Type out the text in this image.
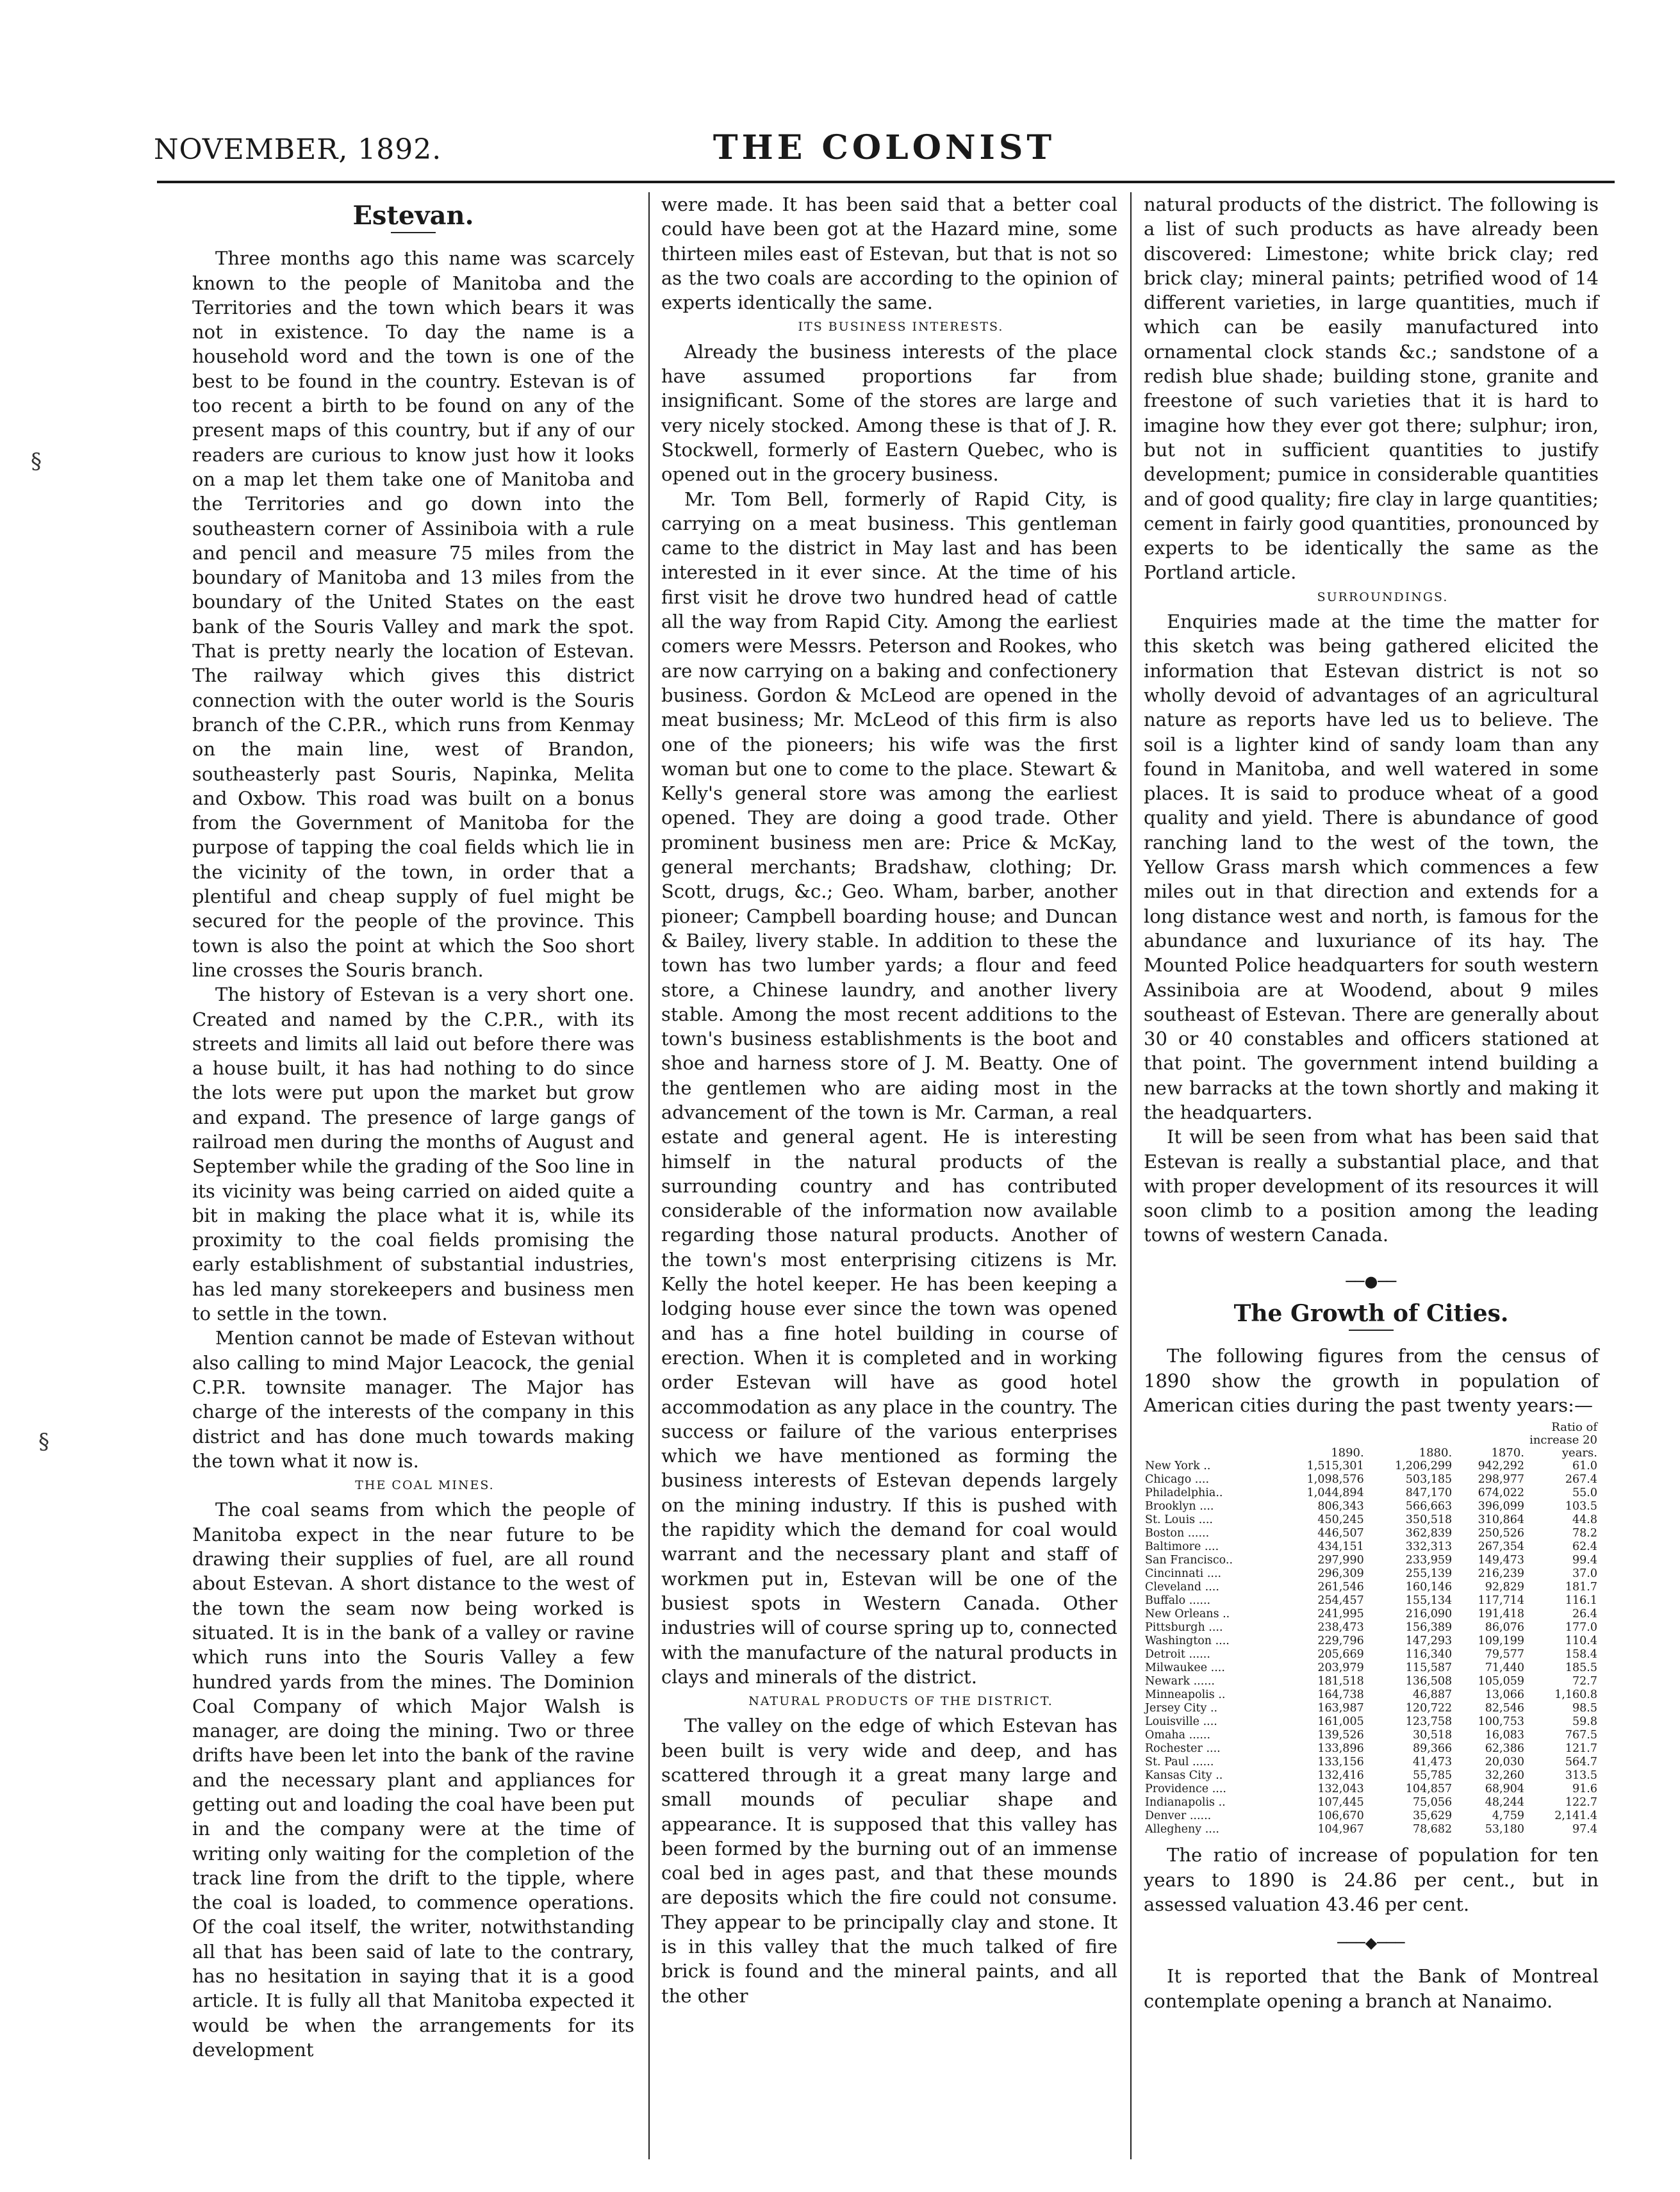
NOVEMBER, 1892.	THE COLONIST
§
§
Estevan.

Three months ago this name was scarcely known to the people of Manitoba and the Territories and the town which bears it was not in existence. To day the name is a household word and the town is one of the best to be found in the country. Estevan is of too recent a birth to be found on any of the present maps of this country, but if any of our readers are curious to know just how it looks on a map let them take one of Manitoba and the Territories and go down into the southeastern corner of Assiniboia with a rule and pencil and measure 75 miles from the boundary of Manitoba and 13 miles from the boundary of the United States on the east bank of the Souris Valley and mark the spot. That is pretty nearly the location of Estevan. The railway which gives this district connection with the outer world is the Souris branch of the C.P.R., which runs from Kenmay on the main line, west of Brandon, southeasterly past Souris, Napinka, Melita and Oxbow. This road was built on a bonus from the Government of Manitoba for the purpose of tapping the coal fields which lie in the vicinity of the town, in order that a plentiful and cheap supply of fuel might be secured for the people of the province. This town is also the point at which the Soo short line crosses the Souris branch.

The history of Estevan is a very short one. Created and named by the C.P.R., with its streets and limits all laid out before there was a house built, it has had nothing to do since the lots were put upon the market but grow and expand. The presence of large gangs of railroad men during the months of August and September while the grading of the Soo line in its vicinity was being carried on aided quite a bit in making the place what it is, while its proximity to the coal fields promising the early establishment of substantial industries, has led many storekeepers and business men to settle in the town.

Mention cannot be made of Estevan without also calling to mind Major Leacock, the genial C.P.R. townsite manager. The Major has charge of the interests of the company in this district and has done much towards making the town what it now is.

THE COAL MINES.

The coal seams from which the people of Manitoba expect in the near future to be drawing their supplies of fuel, are all round about Estevan. A short distance to the west of the town the seam now being worked is situated. It is in the bank of a valley or ravine which runs into the Souris Valley a few hundred yards from the mines. The Dominion Coal Company of which Major Walsh is manager, are doing the mining. Two or three drifts have been let into the bank of the ravine and the necessary plant and appliances for getting out and loading the coal have been put in and the company were at the time of writing only waiting for the completion of the track line from the drift to the tipple, where the coal is loaded, to commence operations. Of the coal itself, the writer, notwithstanding all that has been said of late to the contrary, has no hesitation in saying that it is a good article. It is fully all that Manitoba expected it would be when the arrangements for its development

were made. It has been said that a better coal could have been got at the Hazard mine, some thirteen miles east of Estevan, but that is not so as the two coals are according to the opinion of experts identically the same.

ITS BUSINESS INTERESTS.

Already the business interests of the place have assumed proportions far from insignificant. Some of the stores are large and very nicely stocked. Among these is that of J. R. Stockwell, formerly of Eastern Quebec, who is opened out in the grocery business.

Mr. Tom Bell, formerly of Rapid City, is carrying on a meat business. This gentleman came to the district in May last and has been interested in it ever since. At the time of his first visit he drove two hundred head of cattle all the way from Rapid City. Among the earliest comers were Messrs. Peterson and Rookes, who are now carrying on a baking and confectionery business. Gordon & McLeod are opened in the meat business; Mr. McLeod of this firm is also one of the pioneers; his wife was the first woman but one to come to the place. Stewart & Kelly's general store was among the earliest opened. They are doing a good trade. Other prominent business men are: Price & McKay, general merchants; Bradshaw, clothing; Dr. Scott, drugs, &c.; Geo. Wham, barber, another pioneer; Campbell boarding house; and Duncan & Bailey, livery stable. In addition to these the town has two lumber yards; a flour and feed store, a Chinese laundry, and another livery stable. Among the most recent additions to the town's business establishments is the boot and shoe and harness store of J. M. Beatty. One of the gentlemen who are aiding most in the advancement of the town is Mr. Carman, a real estate and general agent. He is interesting himself in the natural products of the surrounding country and has contributed considerable of the information now available regarding those natural products. Another of the town's most enterprising citizens is Mr. Kelly the hotel keeper. He has been keeping a lodging house ever since the town was opened and has a fine hotel building in course of erection. When it is completed and in working order Estevan will have as good hotel accommodation as any place in the country. The success or failure of the various enterprises which we have mentioned as forming the business interests of Estevan depends largely on the mining industry. If this is pushed with the rapidity which the demand for coal would warrant and the necessary plant and staff of workmen put in, Estevan will be one of the busiest spots in Western Canada. Other industries will of course spring up to, connected with the manufacture of the natural products in clays and minerals of the district.

NATURAL PRODUCTS OF THE DISTRICT.

The valley on the edge of which Estevan has been built is very wide and deep, and has scattered through it a great many large and small mounds of peculiar shape and appearance. It is supposed that this valley has been formed by the burning out of an immense coal bed in ages past, and that these mounds are deposits which the fire could not consume. They appear to be principally clay and stone. It is in this valley that the much talked of fire brick is found and the mineral paints, and all the other

natural products of the district. The following is a list of such products as have already been discovered: Limestone; white brick clay; red brick clay; mineral paints; petrified wood of 14 different varieties, in large quantities, much if which can be easily manufactured into ornamental clock stands &c.; sandstone of a redish blue shade; building stone, granite and freestone of such varieties that it is hard to imagine how they ever got there; sulphur; iron, but not in sufficient quantities to justify development; pumice in considerable quantities and of good quality; fire clay in large quantities; cement in fairly good quantities, pronounced by experts to be identically the same as the Portland article.

SURROUNDINGS.

Enquiries made at the time the matter for this sketch was being gathered elicited the information that Estevan district is not so wholly devoid of advantages of an agricultural nature as reports have led us to believe. The soil is a lighter kind of sandy loam than any found in Manitoba, and well watered in some places. It is said to produce wheat of a good quality and yield. There is abundance of good ranching land to the west of the town, the Yellow Grass marsh which commences a few miles out in that direction and extends for a long distance west and north, is famous for the abundance and luxuriance of its hay. The Mounted Police headquarters for south western Assiniboia are at Woodend, about 9 miles southeast of Estevan. There are generally about 30 or 40 constables and officers stationed at that point. The government intend building a new barracks at the town shortly and making it the headquarters.

It will be seen from what has been said that Estevan is really a substantial place, and that with proper development of its resources it will soon climb to a position among the leading towns of western Canada.

──●──
The Growth of Cities.

The following figures from the census of 1890 show the growth in population of American cities during the past twenty years:—

	1890.	1880.	1870.	Ratio of increase 20 years.
New York ..	1,515,301	1,206,299	942,292	61.0
Chicago ....	1,098,576	503,185	298,977	267.4
Philadelphia..	1,044,894	847,170	674,022	55.0
Brooklyn ....	806,343	566,663	396,099	103.5
St. Louis ....	450,245	350,518	310,864	44.8
Boston ......	446,507	362,839	250,526	78.2
Baltimore ....	434,151	332,313	267,354	62.4
San Francisco..	297,990	233,959	149,473	99.4
Cincinnati ....	296,309	255,139	216,239	37.0
Cleveland ....	261,546	160,146	92,829	181.7
Buffalo ......	254,457	155,134	117,714	116.1
New Orleans ..	241,995	216,090	191,418	26.4
Pittsburgh ....	238,473	156,389	86,076	177.0
Washington ....	229,796	147,293	109,199	110.4
Detroit ......	205,669	116,340	79,577	158.4
Milwaukee ....	203,979	115,587	71,440	185.5
Newark ......	181,518	136,508	105,059	72.7
Minneapolis ..	164,738	46,887	13,066	1,160.8
Jersey City ..	163,987	120,722	82,546	98.5
Louisville ....	161,005	123,758	100,753	59.8
Omaha ......	139,526	30,518	16,083	767.5
Rochester ....	133,896	89,366	62,386	121.7
St. Paul ......	133,156	41,473	20,030	564.7
Kansas City ..	132,416	55,785	32,260	313.5
Providence ....	132,043	104,857	68,904	91.6
Indianapolis ..	107,445	75,056	48,244	122.7
Denver ......	106,670	35,629	4,759	2,141.4
Allegheny ....	104,967	78,682	53,180	97.4

The ratio of increase of population for ten years to 1890 is 24.86 per cent., but in assessed valuation 43.46 per cent.

───◆───

It is reported that the Bank of Montreal contemplate opening a branch at Nanaimo.
